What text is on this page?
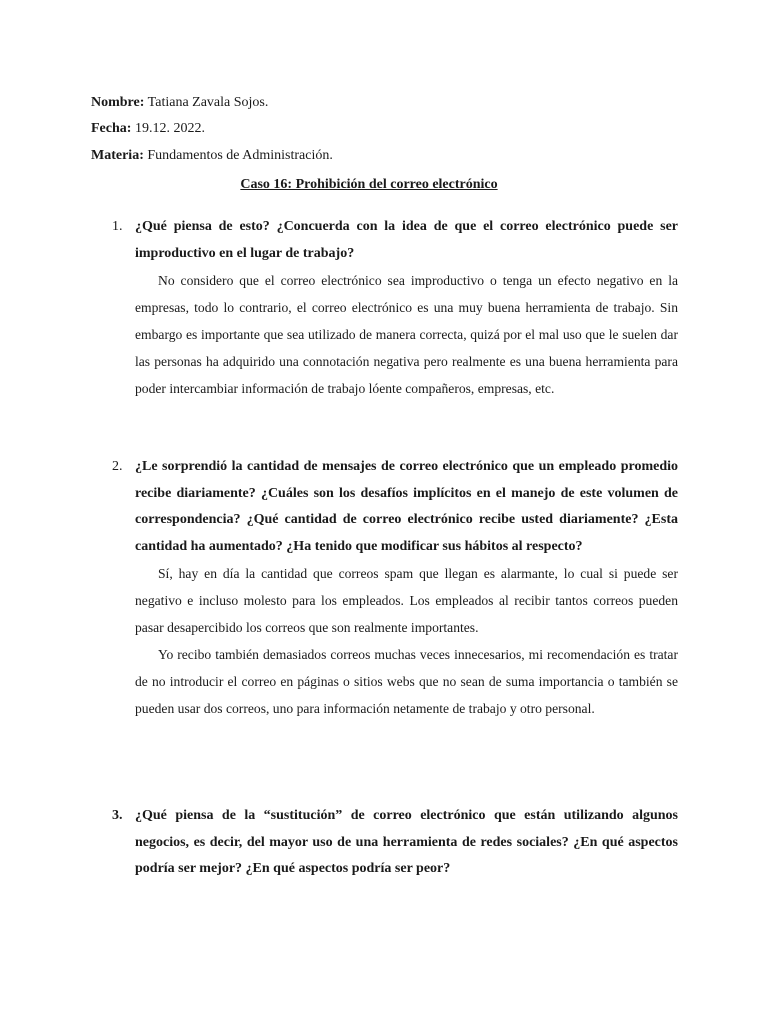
Nombre: Tatiana Zavala Sojos.
Fecha: 19.12. 2022.
Materia: Fundamentos de Administración.
Caso 16: Prohibición del correo electrónico
1. ¿Qué piensa de esto? ¿Concuerda con la idea de que el correo electrónico puede ser improductivo en el lugar de trabajo?

No considero que el correo electrónico sea improductivo o tenga un efecto negativo en la empresas, todo lo contrario, el correo electrónico es una muy buena herramienta de trabajo. Sin embargo es importante que sea utilizado de manera correcta, quizá por el mal uso que le suelen dar las personas ha adquirido una connotación negativa pero realmente es una buena herramienta para poder intercambiar información de trabajo lóente compañeros, empresas, etc.

2. ¿Le sorprendió la cantidad de mensajes de correo electrónico que un empleado promedio recibe diariamente? ¿Cuáles son los desafíos implícitos en el manejo de este volumen de correspondencia? ¿Qué cantidad de correo electrónico recibe usted diariamente? ¿Esta cantidad ha aumentado? ¿Ha tenido que modificar sus hábitos al respecto?

Sí, hay en día la cantidad que correos spam que llegan es alarmante, lo cual si puede ser negativo e incluso molesto para los empleados. Los empleados al recibir tantos correos pueden pasar desapercibido los correos que son realmente importantes.

Yo recibo también demasiados correos muchas veces innecesarios, mi recomendación es tratar de no introducir el correo en páginas o sitios webs que no sean de suma importancia o también se pueden usar dos correos, uno para información netamente de trabajo y otro personal.

3. ¿Qué piensa de la “sustitución” de correo electrónico que están utilizando algunos negocios, es decir, del mayor uso de una herramienta de redes sociales? ¿En qué aspectos podría ser mejor? ¿En qué aspectos podría ser peor?
